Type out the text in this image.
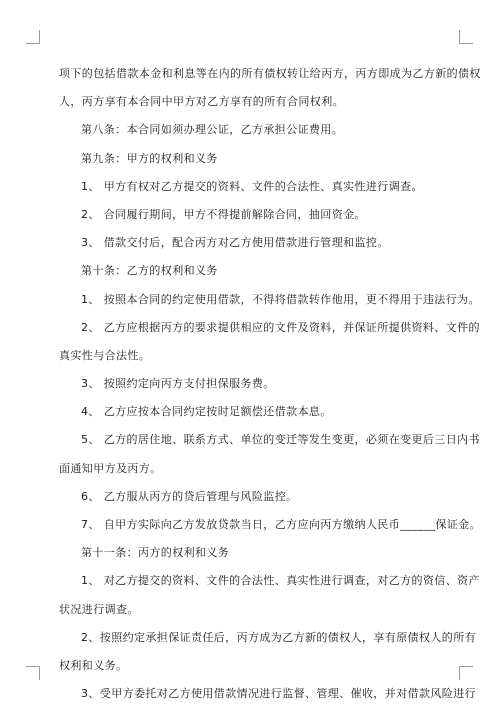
项下的包括借款本金和利息等在内的所有债权转让给丙方，丙方即成为乙方新的债权
人，丙方享有本合同中甲方对乙方享有的所有合同权利。
第八条：本合同如须办理公证，乙方承担公证费用。
第九条：甲方的权利和义务
1、 甲方有权对乙方提交的资料、文件的合法性、真实性进行调查。
2、 合同履行期间，甲方不得提前解除合同，抽回资金。
3、 借款交付后，配合丙方对乙方使用借款进行管理和监控。
第十条：乙方的权利和义务
1、 按照本合同的约定使用借款，不得将借款转作他用，更不得用于违法行为。
2、 乙方应根据丙方的要求提供相应的文件及资料，并保证所提供资料、文件的
真实性与合法性。
3、 按照约定向丙方支付担保服务费。
4、 乙方应按本合同约定按时足额偿还借款本息。
5、 乙方的居住地、联系方式、单位的变迁等发生变更，必须在变更后三日内书
面通知甲方及丙方。
6、 乙方服从丙方的贷后管理与风险监控。
7、 自甲方实际向乙方发放贷款当日，乙方应向丙方缴纳人民币______保证金。
第十一条：丙方的权利和义务
1、 对乙方提交的资料、文件的合法性、真实性进行调查，对乙方的资信、资产
状况进行调查。
2、按照约定承担保证责任后，丙方成为乙方新的债权人，享有原债权人的所有
权利和义务。
3、受甲方委托对乙方使用借款情况进行监督、管理、催收，并对借款风险进行
